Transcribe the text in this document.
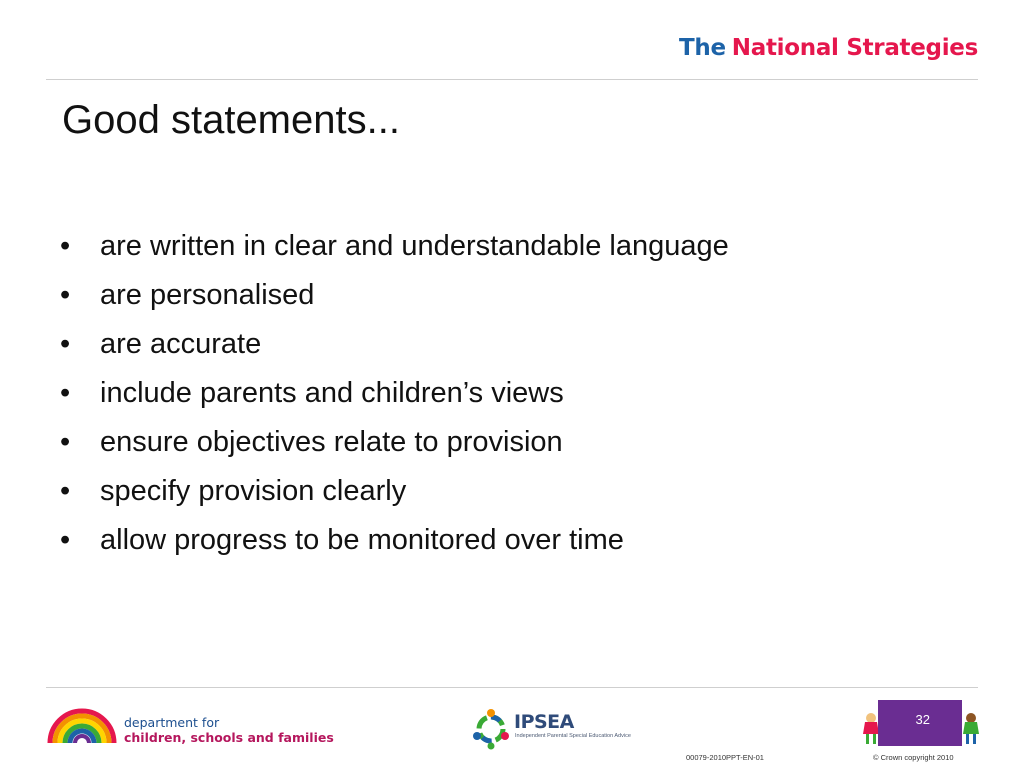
The National Strategies
Good statements...
• are written in clear and understandable language
• are personalised
• are accurate
• include parents and children’s views
• ensure objectives relate to provision
• specify provision clearly
• allow progress to be monitored over time
department for
children, schools and families
IPSEA
Independent Parental Special Education Advice
32
00079-2010PPT-EN-01	© Crown copyright 2010
